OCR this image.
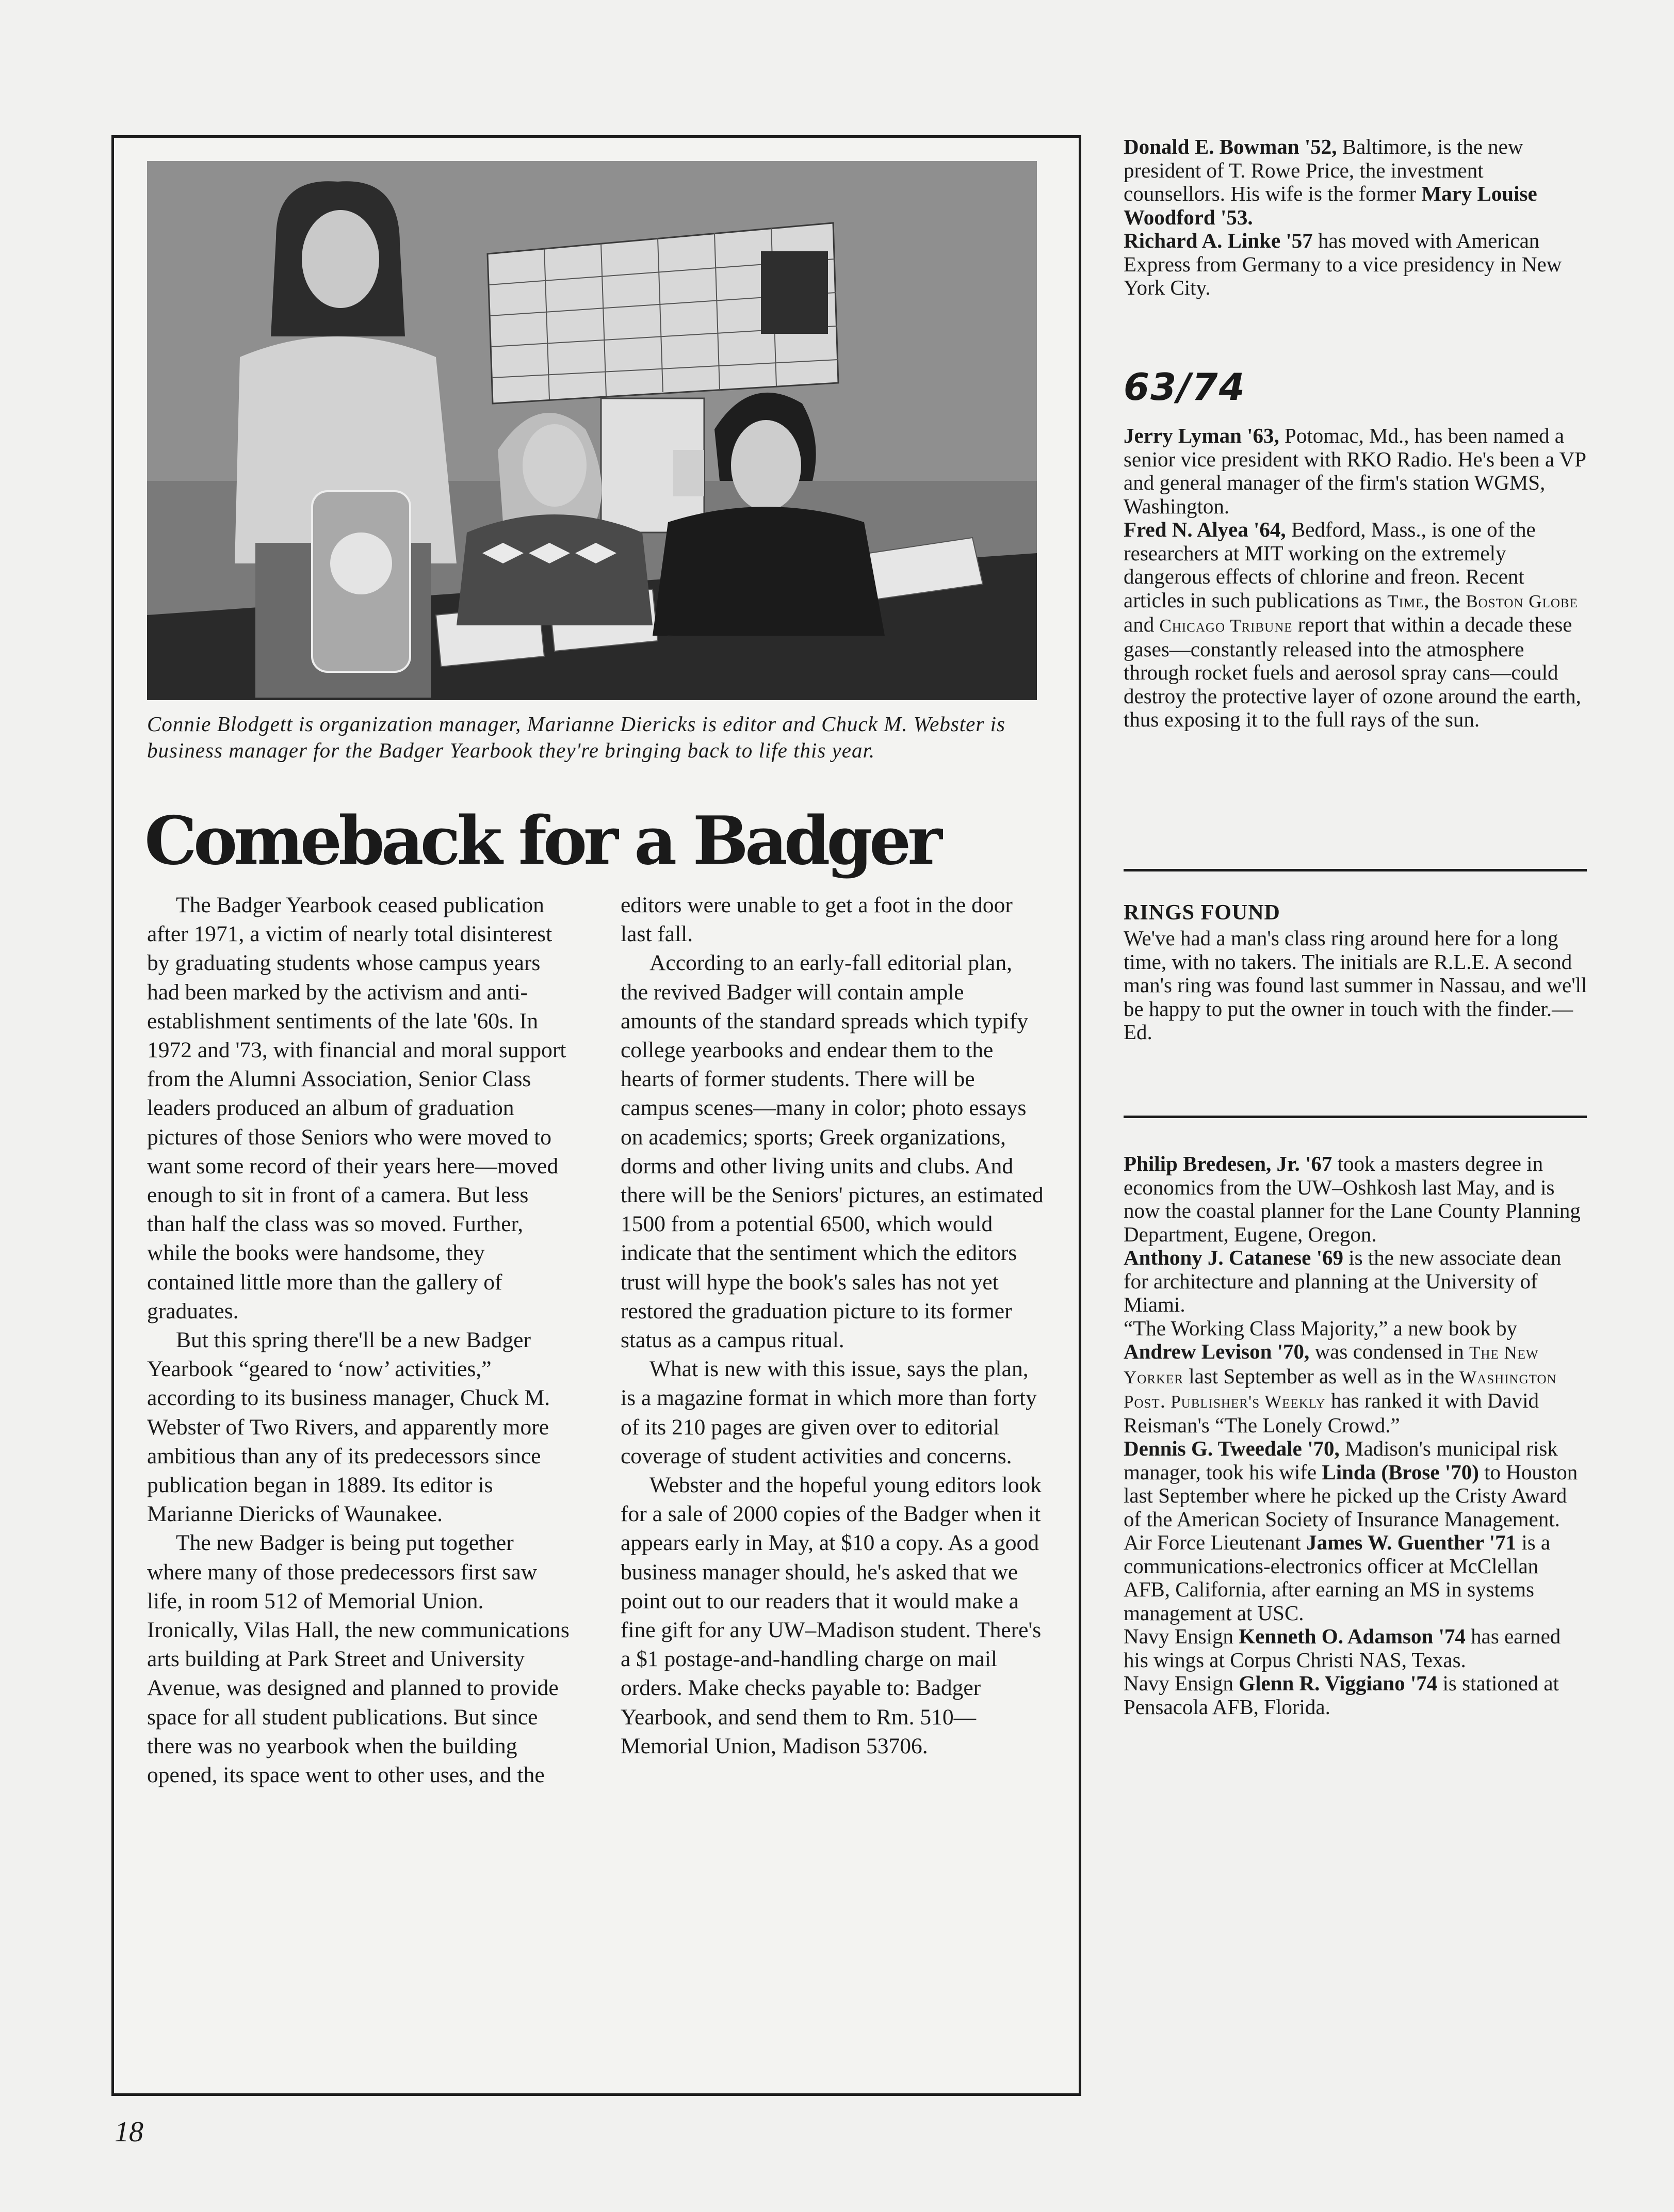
Connie Blodgett is organization manager, Marianne Diericks is editor and Chuck M. Webster is business manager for the Badger Yearbook they're bringing back to life this year.

Comeback for a Badger

The Badger Yearbook ceased publication after 1971, a victim of nearly total disinterest by graduating students whose campus years had been marked by the activism and anti-establishment sentiments of the late '60s. In 1972 and '73, with financial and moral support from the Alumni Association, Senior Class leaders produced an album of graduation pictures of those Seniors who were moved to want some record of their years here—moved enough to sit in front of a camera. But less than half the class was so moved. Further, while the books were handsome, they contained little more than the gallery of graduates.

But this spring there'll be a new Badger Yearbook “geared to ‘now’ activities,” according to its business manager, Chuck M. Webster of Two Rivers, and apparently more ambitious than any of its predecessors since publication began in 1889. Its editor is Marianne Diericks of Waunakee.

The new Badger is being put together where many of those predecessors first saw life, in room 512 of Memorial Union. Ironically, Vilas Hall, the new communications arts building at Park Street and University Avenue, was designed and planned to provide space for all student publications. But since there was no yearbook when the building opened, its space went to other uses, and the

editors were unable to get a foot in the door last fall.

According to an early-fall editorial plan, the revived Badger will contain ample amounts of the standard spreads which typify college yearbooks and endear them to the hearts of former students. There will be campus scenes—many in color; photo essays on academics; sports; Greek organizations, dorms and other living units and clubs. And there will be the Seniors' pictures, an estimated 1500 from a potential 6500, which would indicate that the sentiment which the editors trust will hype the book's sales has not yet restored the graduation picture to its former status as a campus ritual.

What is new with this issue, says the plan, is a magazine format in which more than forty of its 210 pages are given over to editorial coverage of student activities and concerns.

Webster and the hopeful young editors look for a sale of 2000 copies of the Badger when it appears early in May, at $10 a copy. As a good business manager should, he's asked that we point out to our readers that it would make a fine gift for any UW–Madison student. There's a $1 postage-and-handling charge on mail orders. Make checks payable to: Badger Yearbook, and send them to Rm. 510—Memorial Union, Madison 53706.

Donald E. Bowman '52, Baltimore, is the new president of T. Rowe Price, the investment counsellors. His wife is the former Mary Louise Woodford '53.

Richard A. Linke '57 has moved with American Express from Germany to a vice presidency in New York City.

63/74

Jerry Lyman '63, Potomac, Md., has been named a senior vice president with RKO Radio. He's been a VP and general manager of the firm's station WGMS, Washington.

Fred N. Alyea '64, Bedford, Mass., is one of the researchers at MIT working on the extremely dangerous effects of chlorine and freon. Recent articles in such publications as Time, the Boston Globe and Chicago Tribune report that within a decade these gases—constantly released into the atmosphere through rocket fuels and aerosol spray cans—could destroy the protective layer of ozone around the earth, thus exposing it to the full rays of the sun.

RINGS FOUND

We've had a man's class ring around here for a long time, with no takers. The initials are R.L.E. A second man's ring was found last summer in Nassau, and we'll be happy to put the owner in touch with the finder.—Ed.

Philip Bredesen, Jr. '67 took a masters degree in economics from the UW–Oshkosh last May, and is now the coastal planner for the Lane County Planning Department, Eugene, Oregon.

Anthony J. Catanese '69 is the new associate dean for architecture and planning at the University of Miami.

“The Working Class Majority,” a new book by Andrew Levison '70, was condensed in The New Yorker last September as well as in the Washington Post. Publisher's Weekly has ranked it with David Reisman's “The Lonely Crowd.”

Dennis G. Tweedale '70, Madison's municipal risk manager, took his wife Linda (Brose '70) to Houston last September where he picked up the Cristy Award of the American Society of Insurance Management.

Air Force Lieutenant James W. Guenther '71 is a communications-electronics officer at McClellan AFB, California, after earning an MS in systems management at USC.

Navy Ensign Kenneth O. Adamson '74 has earned his wings at Corpus Christi NAS, Texas.

Navy Ensign Glenn R. Viggiano '74 is stationed at Pensacola AFB, Florida.

18
